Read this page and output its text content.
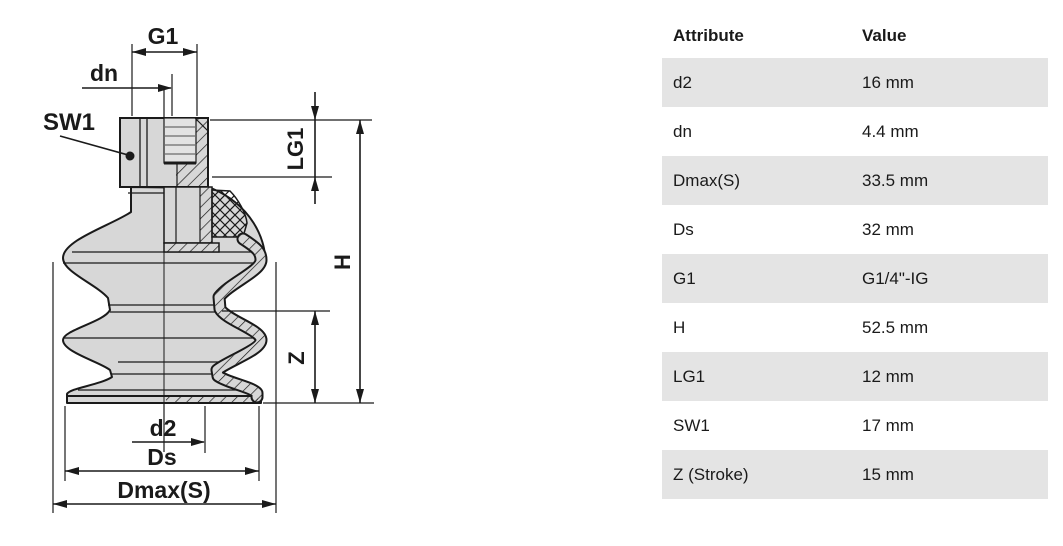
G1
dn
SW1
LG1
H
Z
d2
Ds
Dmax(S)
Attribute	Value
d2	16 mm
dn	4.4 mm
Dmax(S)	33.5 mm
Ds	32 mm
G1	G1/4"-IG
H	52.5 mm
LG1	12 mm
SW1	17 mm
Z (Stroke)	15 mm
